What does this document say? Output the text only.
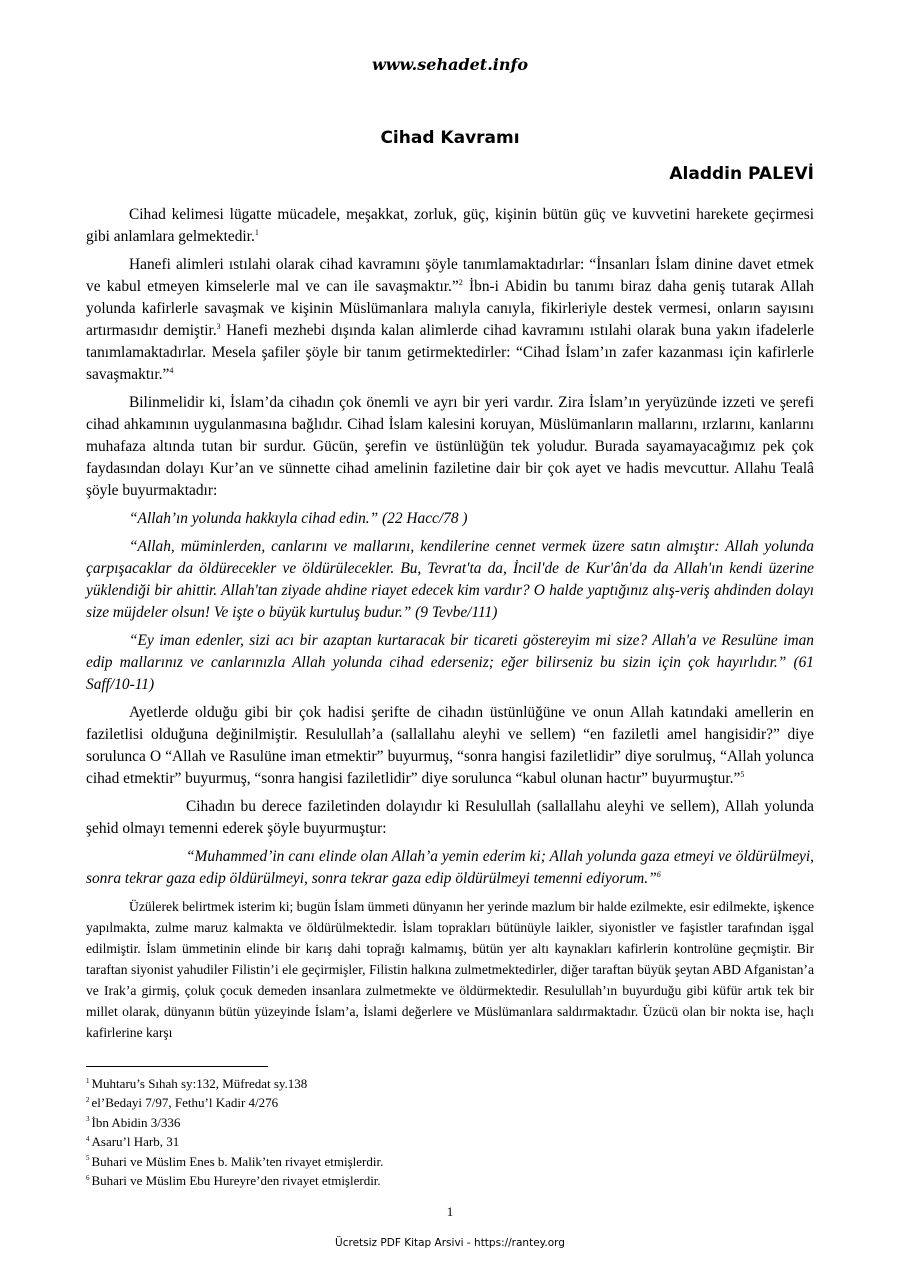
www.sehadet.info
Cihad Kavramı
Aladdin PALEVİ

Cihad kelimesi lügatte mücadele, meşakkat, zorluk, güç, kişinin bütün güç ve kuvvetini harekete geçirmesi gibi anlamlara gelmektedir.$^1$

Hanefi alimleri ıstılahi olarak cihad kavramını şöyle tanımlamaktadırlar: “İnsanları İslam dinine davet etmek ve kabul etmeyen kimselerle mal ve can ile savaşmaktır.”$^2$ İbn-i Abidin bu tanımı biraz daha geniş tutarak Allah yolunda kafirlerle savaşmak ve kişinin Müslümanlara malıyla canıyla, fikirleriyle destek vermesi, onların sayısını artırmasıdır demiştir.$^3$ Hanefi mezhebi dışında kalan alimlerde cihad kavramını ıstılahi olarak buna yakın ifadelerle tanımlamaktadırlar. Mesela şafiler şöyle bir tanım getirmektedirler: “Cihad İslam’ın zafer kazanması için kafirlerle savaşmaktır.”$^4$

Bilinmelidir ki, İslam’da cihadın çok önemli ve ayrı bir yeri vardır. Zira İslam’ın yeryüzünde izzeti ve şerefi cihad ahkamının uygulanmasına bağlıdır. Cihad İslam kalesini koruyan, Müslümanların mallarını, ırzlarını, kanlarını muhafaza altında tutan bir surdur. Gücün, şerefin ve üstünlüğün tek yoludur. Burada sayamayacağımız pek çok faydasından dolayı Kur’an ve sünnette cihad amelinin faziletine dair bir çok ayet ve hadis mevcuttur. Allahu Tealâ şöyle buyurmaktadır:

“Allah’ın yolunda hakkıyla cihad edin.” (22 Hacc/78 )

“Allah, müminlerden, canlarını ve mallarını, kendilerine cennet vermek üzere satın almıştır: Allah yolunda çarpışacaklar da öldürecekler ve öldürülecekler. Bu, Tevrat'ta da, İncil'de de Kur'ân'da da Allah'ın kendi üzerine yüklendiği bir ahittir. Allah'tan ziyade ahdine riayet edecek kim vardır? O halde yaptığınız alış-veriş ahdinden dolayı size müjdeler olsun! Ve işte o büyük kurtuluş budur.” (9 Tevbe/111)

“Ey iman edenler, sizi acı bir azaptan kurtaracak bir ticareti göstereyim mi size? Allah'a ve Resulüne iman edip mallarınız ve canlarınızla Allah yolunda cihad ederseniz; eğer bilirseniz bu sizin için çok hayırlıdır.” (61 Saff/10-11)

Ayetlerde olduğu gibi bir çok hadisi şerifte de cihadın üstünlüğüne ve onun Allah katındaki amellerin en faziletlisi olduğuna değinilmiştir. Resulullah’a (sallallahu aleyhi ve sellem) “en faziletli amel hangisidir?” diye sorulunca O “Allah ve Rasulüne iman etmektir” buyurmuş, “sonra hangisi faziletlidir” diye sorulmuş, “Allah yolunca cihad etmektir” buyurmuş, “sonra hangisi faziletlidir” diye sorulunca “kabul olunan hactır” buyurmuştur.”$^5$

Cihadın bu derece faziletinden dolayıdır ki Resulullah (sallallahu aleyhi ve sellem), Allah yolunda şehid olmayı temenni ederek şöyle buyurmuştur:

“Muhammed’in canı elinde olan Allah’a yemin ederim ki; Allah yolunda gaza etmeyi ve öldürülmeyi, sonra tekrar gaza edip öldürülmeyi, sonra tekrar gaza edip öldürülmeyi temenni ediyorum.”$^6$

Üzülerek belirtmek isterim ki; bugün İslam ümmeti dünyanın her yerinde mazlum bir halde ezilmekte, esir edilmekte, işkence yapılmakta, zulme maruz kalmakta ve öldürülmektedir. İslam toprakları bütünüyle laikler, siyonistler ve faşistler tarafından işgal edilmiştir. İslam ümmetinin elinde bir karış dahi toprağı kalmamış, bütün yer altı kaynakları kafirlerin kontrolüne geçmiştir. Bir taraftan siyonist yahudiler Filistin’i ele geçirmişler, Filistin halkına zulmetmektedirler, diğer taraftan büyük şeytan ABD Afganistan’a ve Irak’a girmiş, çoluk çocuk demeden insanlara zulmetmekte ve öldürmektedir. Resulullah’ın buyurduğu gibi küfür artık tek bir millet olarak, dünyanın bütün yüzeyinde İslam’a, İslami değerlere ve Müslümanlara saldırmaktadır. Üzücü olan bir nokta ise, haçlı kafirlerine karşı

$^1$ Muhtaru’s Sıhah sy:132, Müfredat sy.138
$^2$ el’Bedayi 7/97, Fethu’l Kadir 4/276
$^3$ İbn Abidin 3/336
$^4$ Asaru’l Harb, 31
$^5$ Buhari ve Müslim Enes b. Malik’ten rivayet etmişlerdir.
$^6$ Buhari ve Müslim Ebu Hureyre’den rivayet etmişlerdir.
1
Ücretsiz PDF Kitap Arsivi - https://rantey.org
